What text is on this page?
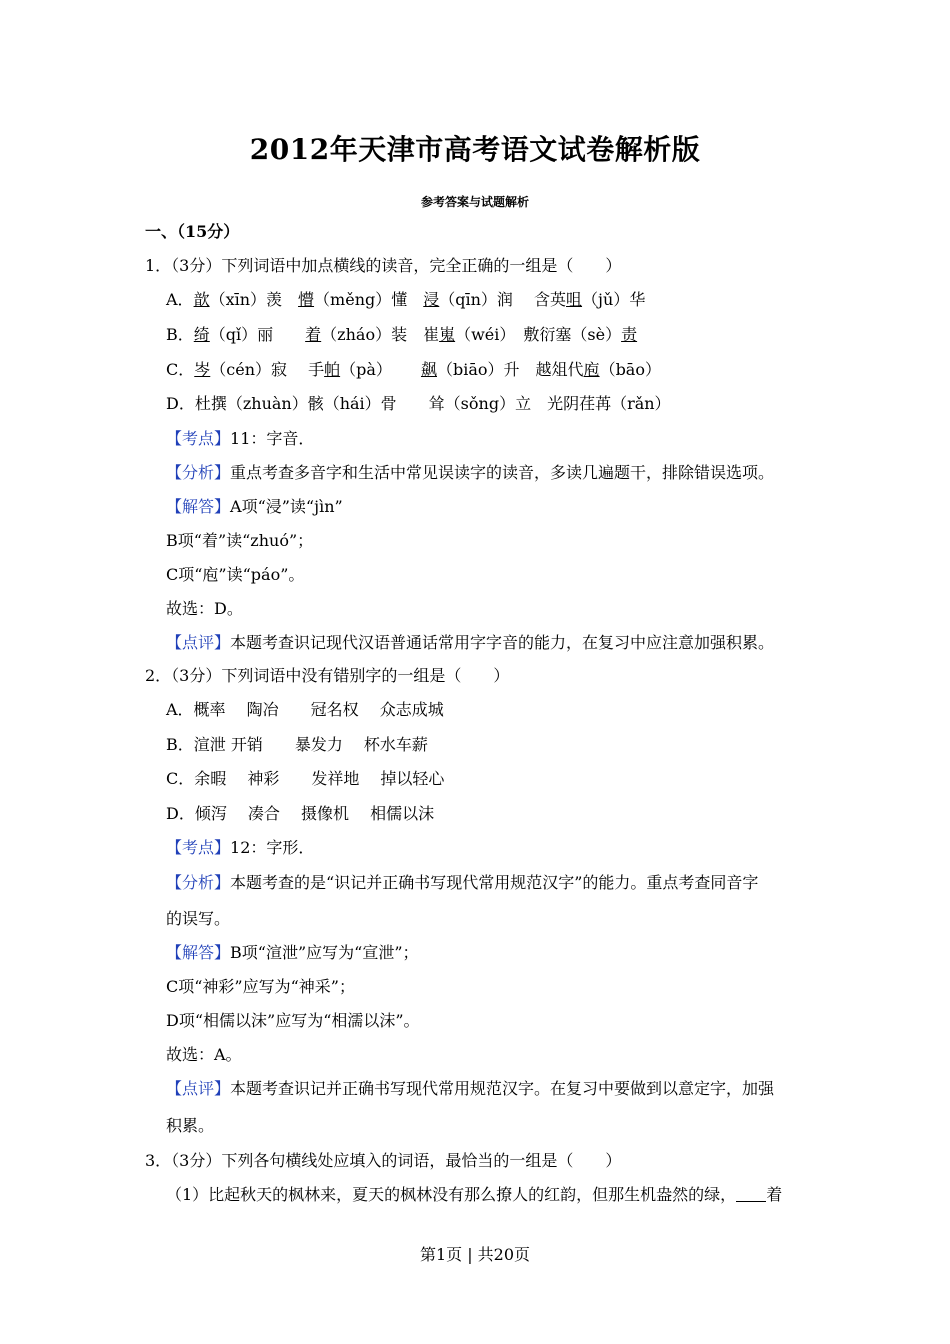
2012年天津市高考语文试卷解析版
参考答案与试题解析
一、（15分）
1．（3分）下列词语中加点横线的读音，完全正确的一组是（　　）
A．歆（xīn）羡　懵（měng）懂　浸（qīn）润　 含英咀（jǔ）华
B．绮（qǐ）丽　　着（zháo）装　崔嵬（wéi）　敷衍塞（sè）责
C．岑（cén）寂　 手帕（pà）　　 飙（biāo）升　越俎代庖（bāo）
D．杜撰（zhuàn）骸（hái）骨　　耸（sǒng）立　光阴荏苒（rǎn）
【考点】11：字音．
【分析】重点考查多音字和生活中常见误读字的读音，多读几遍题干，排除错误选项。
【解答】A项“浸”读“jìn”
B项“着”读“zhuó”；
C项“庖”读“páo”。
故选：D。
【点评】本题考查识记现代汉语普通话常用字字音的能力，在复习中应注意加强积累。
2．（3分）下列词语中没有错别字的一组是（　　）
A．概率　 陶冶　　冠名权　 众志成城
B．渲泄 开销　　暴发力　 杯水车薪
C．余暇　 神彩　　发祥地　 掉以轻心
D．倾泻　 凑合　 摄像机　 相儒以沫
【考点】12：字形．
【分析】本题考查的是“识记并正确书写现代常用规范汉字”的能力。重点考查同音字
的误写。
【解答】B项“渲泄”应写为“宣泄”；
C项“神彩”应写为“神采”；
D项“相儒以沫”应写为“相濡以沫”。
故选：A。
【点评】本题考查识记并正确书写现代常用规范汉字。在复习中要做到以意定字，加强
积累。
3．（3分）下列各句横线处应填入的词语，最恰当的一组是（　　）
（1）比起秋天的枫林来，夏天的枫林没有那么撩人的红韵，但那生机盎然的绿， 着
第1页 | 共20页
